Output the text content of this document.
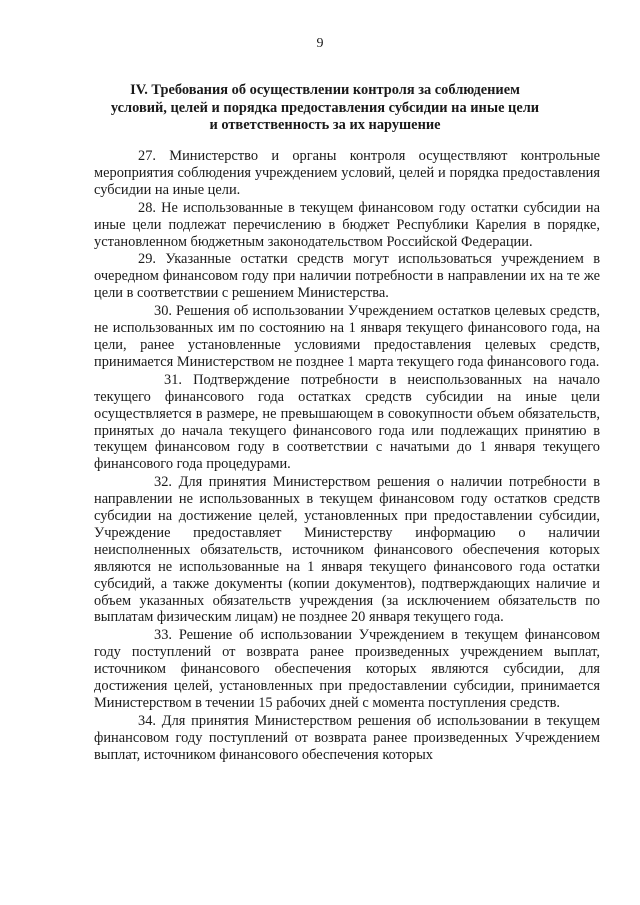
9
IV. Требования об осуществлении контроля за соблюдением
условий, целей и порядка предоставления субсидии на иные цели
и ответственность за их нарушение

27. Министерство и органы контроля осуществляют контрольные мероприятия соблюдения учреждением условий, целей и порядка предоставления субсидии на иные цели.

28. Не использованные в текущем финансовом году остатки субсидии на иные цели подлежат перечислению в бюджет Республики Карелия в порядке, установленном бюджетным законодательством Российской Федерации.

29. Указанные остатки средств могут использоваться учреждением в очередном финансовом году при наличии потребности в направлении их на те же цели в соответствии с решением Министерства.

30. Решения об использовании Учреждением остатков целевых средств, не использованных им по состоянию на 1 января текущего финансового года, на цели, ранее установленные условиями предоставления целевых средств, принимается Министерством не позднее 1 марта текущего года финансового года.

31. Подтверждение потребности в неиспользованных на начало текущего финансового года остатках средств субсидии на иные цели осуществляется в размере, не превышающем в совокупности объем обязательств, принятых до начала текущего финансового года или подлежащих принятию в текущем финансовом году в соответствии с начатыми до 1 января текущего финансового года процедурами.

32. Для принятия Министерством решения о наличии потребности в направлении не использованных в текущем финансовом году остатков средств субсидии на достижение целей, установленных при предоставлении субсидии, Учреждение предоставляет Министерству информацию о наличии неисполненных обязательств, источником финансового обеспечения которых являются не использованные на 1 января текущего финансового года остатки субсидий, а также документы (копии документов), подтверждающих наличие и объем указанных обязательств учреждения (за исключением обязательств по выплатам физическим лицам) не позднее 20 января текущего года.

33. Решение об использовании Учреждением в текущем финансовом году поступлений от возврата ранее произведенных учреждением выплат, источником финансового обеспечения которых являются субсидии, для достижения целей, установленных при предоставлении субсидии, принимается Министерством в течении 15 рабочих дней с момента поступления средств.

34. Для принятия Министерством решения об использовании в текущем финансовом году поступлений от возврата ранее произведенных Учреждением выплат, источником финансового обеспечения которых
